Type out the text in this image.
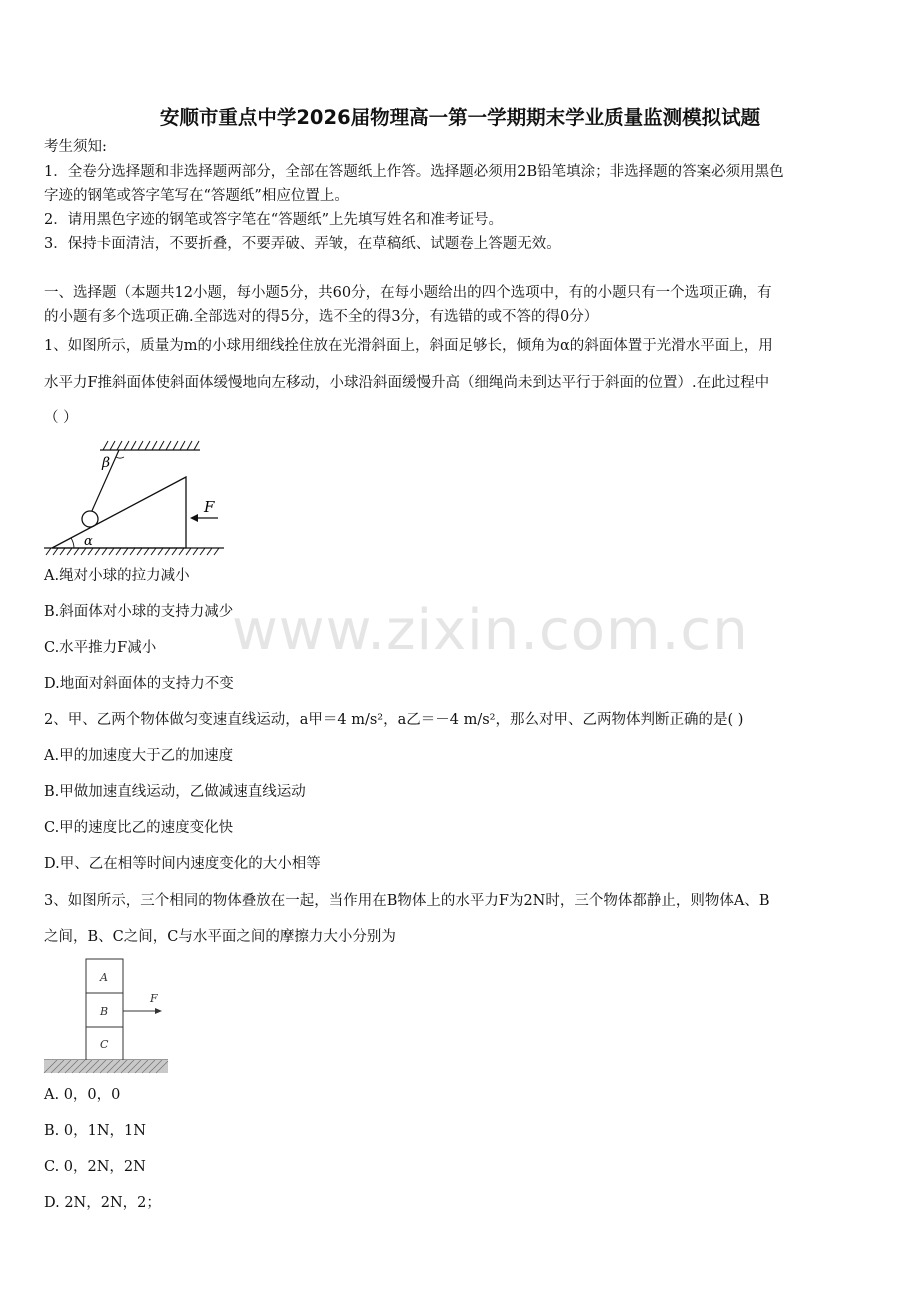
安顺市重点中学2026届物理高一第一学期期末学业质量监测模拟试题
考生须知:
1．全卷分选择题和非选择题两部分，全部在答题纸上作答。选择题必须用2B铅笔填涂；非选择题的答案必须用黑色
字迹的钢笔或答字笔写在“答题纸”相应位置上。
2．请用黑色字迹的钢笔或答字笔在“答题纸”上先填写姓名和准考证号。
3．保持卡面清洁，不要折叠，不要弄破、弄皱，在草稿纸、试题卷上答题无效。
一、选择题（本题共12小题，每小题5分，共60分，在每小题给出的四个选项中，有的小题只有一个选项正确，有
的小题有多个选项正确.全部选对的得5分，选不全的得3分，有选错的或不答的得0分）
1、如图所示，质量为m的小球用细线拴住放在光滑斜面上，斜面足够长，倾角为α的斜面体置于光滑水平面上，用
水平力F推斜面体使斜面体缓慢地向左移动，小球沿斜面缓慢升高（细绳尚未到达平行于斜面的位置）.在此过程中
（ ）
β
α
F
A.绳对小球的拉力减小
B.斜面体对小球的支持力减少
C.水平推力F减小
D.地面对斜面体的支持力不变
2、甲、乙两个物体做匀变速直线运动，a甲＝4 m/s²，a乙＝－4 m/s²，那么对甲、乙两物体判断正确的是( )
A.甲的加速度大于乙的加速度
B.甲做加速直线运动，乙做减速直线运动
C.甲的速度比乙的速度变化快
D.甲、乙在相等时间内速度变化的大小相等
3、如图所示，三个相同的物体叠放在一起，当作用在B物体上的水平力F为2N时，三个物体都静止，则物体A、B
之间，B、C之间，C与水平面之间的摩擦力大小分别为
A
B
C
F
A. 0，0，0
B. 0，1N，1N
C. 0，2N，2N
D. 2N，2N，2；
www.zixin.com.cn
